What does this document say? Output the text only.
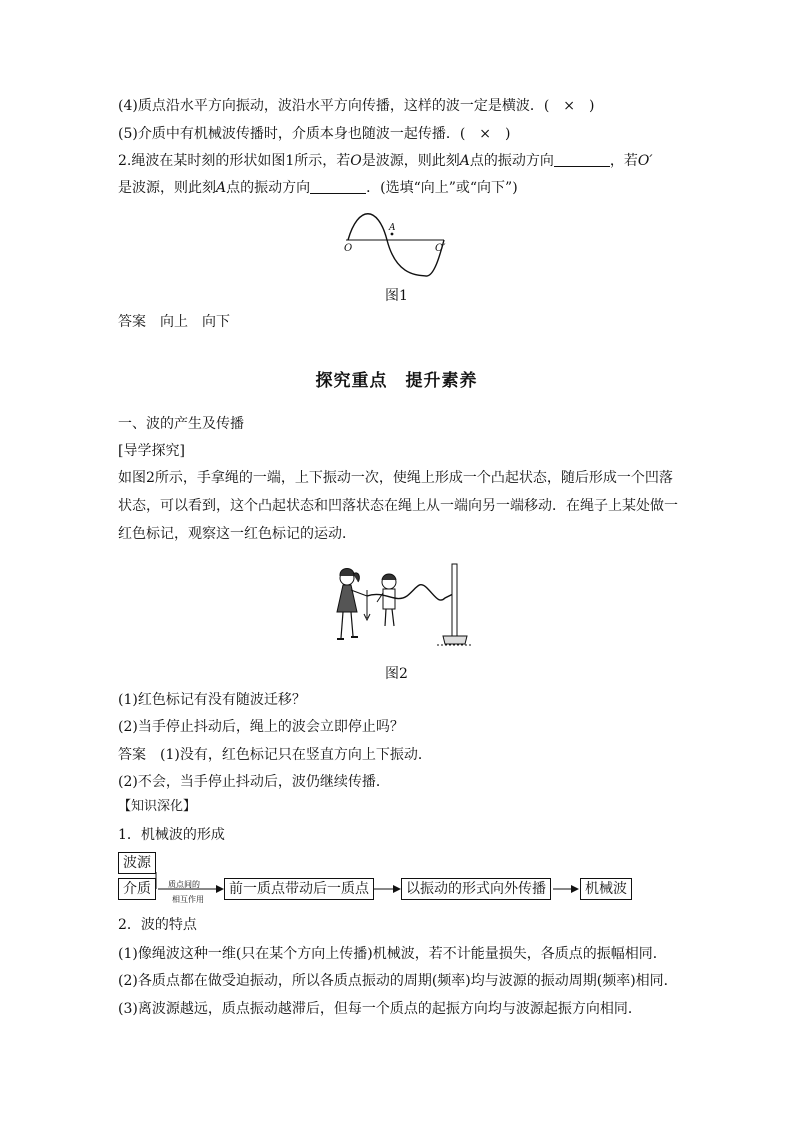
(4)质点沿水平方向振动，波沿水平方向传播，这样的波一定是横波．(　×　)
(5)介质中有机械波传播时，介质本身也随波一起传播．(　×　)
2.绳波在某时刻的形状如图1所示，若O是波源，则此刻A点的振动方向	，若O′
是波源，则此刻A点的振动方向	．(选填“向上”或“向下”)
O	O′
A
图1
答案　向上　向下
探究重点　提升素养
一、波的产生及传播
[导学探究]
如图2所示，手拿绳的一端，上下振动一次，使绳上形成一个凸起状态，随后形成一个凹落
状态，可以看到，这个凸起状态和凹落状态在绳上从一端向另一端移动．在绳子上某处做一
红色标记，观察这一红色标记的运动．
图2
(1)红色标记有没有随波迁移？
(2)当手停止抖动后，绳上的波会立即停止吗？
答案　(1)没有，红色标记只在竖直方向上下振动．
(2)不会，当手停止抖动后，波仍继续传播．
【知识深化】
1．机械波的形成
波源
介质	质点间的
相互作用
前一质点带动后一质点	以振动的形式向外传播	机械波
2．波的特点
(1)像绳波这种一维(只在某个方向上传播)机械波，若不计能量损失，各质点的振幅相同．
(2)各质点都在做受迫振动，所以各质点振动的周期(频率)均与波源的振动周期(频率)相同．
(3)离波源越远，质点振动越滞后，但每一个质点的起振方向均与波源起振方向相同．
